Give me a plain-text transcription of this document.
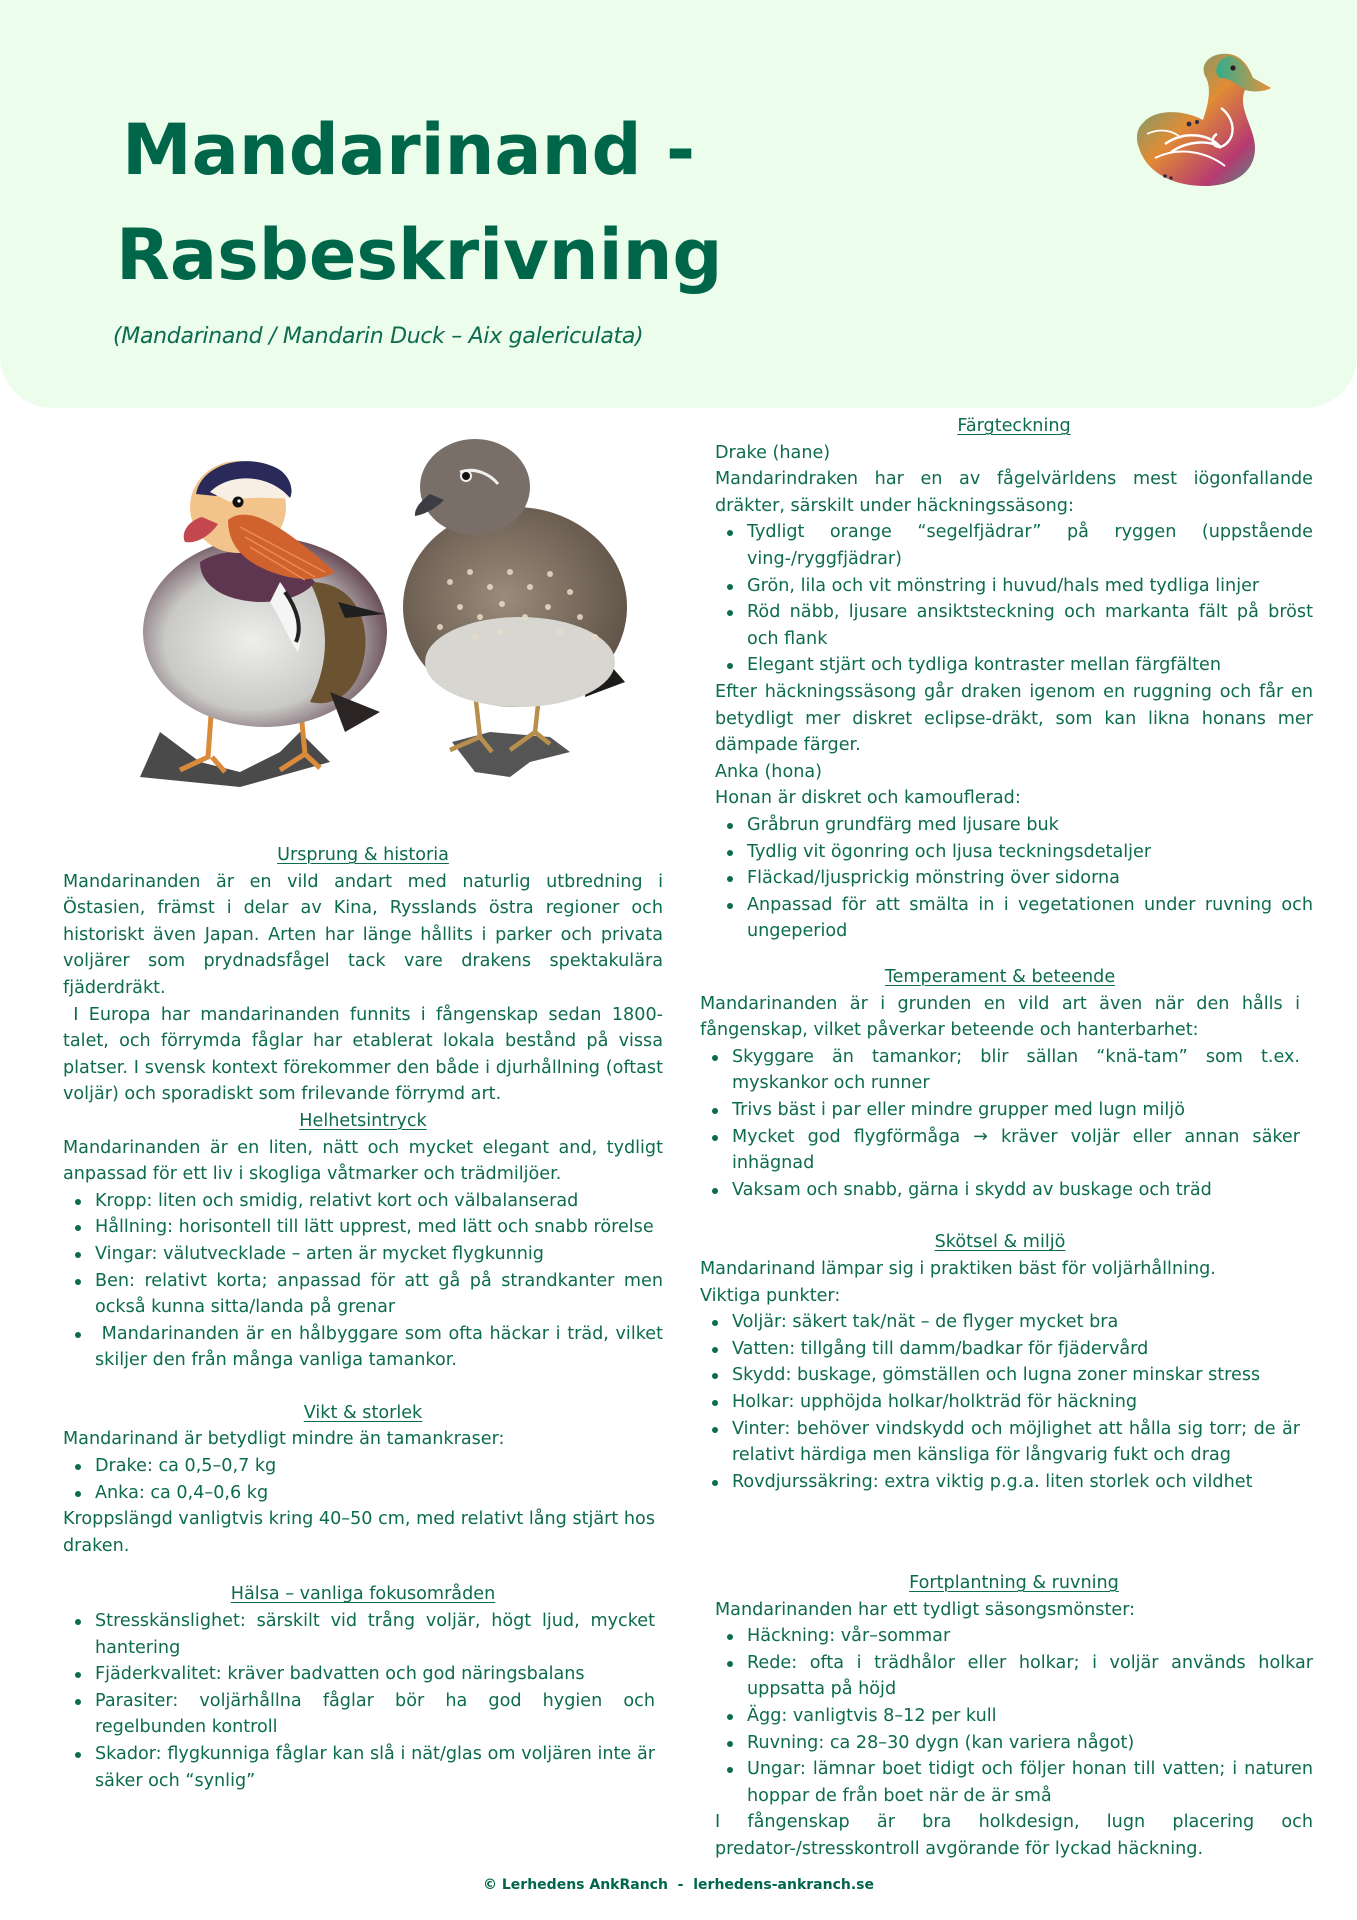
Mandarinand -
Rasbeskrivning

(Mandarinand / Mandarin Duck – Aix galericulata)

Ursprung & historia

Mandarinanden är en vild andart med naturlig utbredning i Östasien, främst i delar av Kina, Rysslands östra regioner och historiskt även Japan. Arten har länge hållits i parker och privata voljärer som prydnadsfågel tack vare drakens spektakulära fjäderdräkt.

I Europa har mandarinanden funnits i fångenskap sedan 1800-talet, och förrymda fåglar har etablerat lokala bestånd på vissa platser. I svensk kontext förekommer den både i djurhållning (oftast voljär) och sporadiskt som frilevande förrymd art.

Helhetsintryck

Mandarinanden är en liten, nätt och mycket elegant and, tydligt anpassad för ett liv i skogliga våtmarker och trädmiljöer.

Kropp: liten och smidig, relativt kort och välbalanserad
Hållning: horisontell till lätt upprest, med lätt och snabb rörelse
Vingar: välutvecklade – arten är mycket flygkunnig
Ben: relativt korta; anpassad för att gå på strandkanter men också kunna sitta/landa på grenar
Mandarinanden är en hålbyggare som ofta häckar i träd, vilket skiljer den från många vanliga tamankor.
Vikt & storlek

Mandarinand är betydligt mindre än tamankraser:

Drake: ca 0,5–0,7 kg
Anka: ca 0,4–0,6 kg

Kroppslängd vanligtvis kring 40–50 cm, med relativt lång stjärt hos draken.

Hälsa – vanliga fokusområden
Stresskänslighet: särskilt vid trång voljär, högt ljud, mycket hantering
Fjäderkvalitet: kräver badvatten och god näringsbalans
Parasiter: voljärhållna fåglar bör ha god hygien och regelbunden kontroll
Skador: flygkunniga fåglar kan slå i nät/glas om voljären inte är säker och “synlig”
Färgteckning

Drake (hane)

Mandarindraken har en av fågelvärldens mest iögonfallande dräkter, särskilt under häckningssäsong:

Tydligt orange “segelfjädrar” på ryggen (uppstående ving-/ryggfjädrar)
Grön, lila och vit mönstring i huvud/hals med tydliga linjer
Röd näbb, ljusare ansiktsteckning och markanta fält på bröst och flank
Elegant stjärt och tydliga kontraster mellan färgfälten

Efter häckningssäsong går draken igenom en ruggning och får en betydligt mer diskret eclipse-dräkt, som kan likna honans mer dämpade färger.

Anka (hona)

Honan är diskret och kamouflerad:

Gråbrun grundfärg med ljusare buk
Tydlig vit ögonring och ljusa teckningsdetaljer
Fläckad/ljusprickig mönstring över sidorna
Anpassad för att smälta in i vegetationen under ruvning och ungeperiod
Temperament & beteende

Mandarinanden är i grunden en vild art även när den hålls i fångenskap, vilket påverkar beteende och hanterbarhet:

Skyggare än tamankor; blir sällan “knä-tam” som t.ex. myskankor och runner
Trivs bäst i par eller mindre grupper med lugn miljö
Mycket god flygförmåga → kräver voljär eller annan säker inhägnad
Vaksam och snabb, gärna i skydd av buskage och träd
Skötsel & miljö

Mandarinand lämpar sig i praktiken bäst för voljärhållning.

Viktiga punkter:

Voljär: säkert tak/nät – de flyger mycket bra
Vatten: tillgång till damm/badkar för fjädervård
Skydd: buskage, gömställen och lugna zoner minskar stress
Holkar: upphöjda holkar/holkträd för häckning
Vinter: behöver vindskydd och möjlighet att hålla sig torr; de är relativt härdiga men känsliga för långvarig fukt och drag
Rovdjurssäkring: extra viktig p.g.a. liten storlek och vildhet
Fortplantning & ruvning

Mandarinanden har ett tydligt säsongsmönster:

Häckning: vår–sommar
Rede: ofta i trädhålor eller holkar; i voljär används holkar uppsatta på höjd
Ägg: vanligtvis 8–12 per kull
Ruvning: ca 28–30 dygn (kan variera något)
Ungar: lämnar boet tidigt och följer honan till vatten; i naturen hoppar de från boet när de är små

I fångenskap är bra holkdesign, lugn placering och predator-/stresskontroll avgörande för lyckad häckning.

© Lerhedens AnkRanch  -  lerhedens-ankranch.se
